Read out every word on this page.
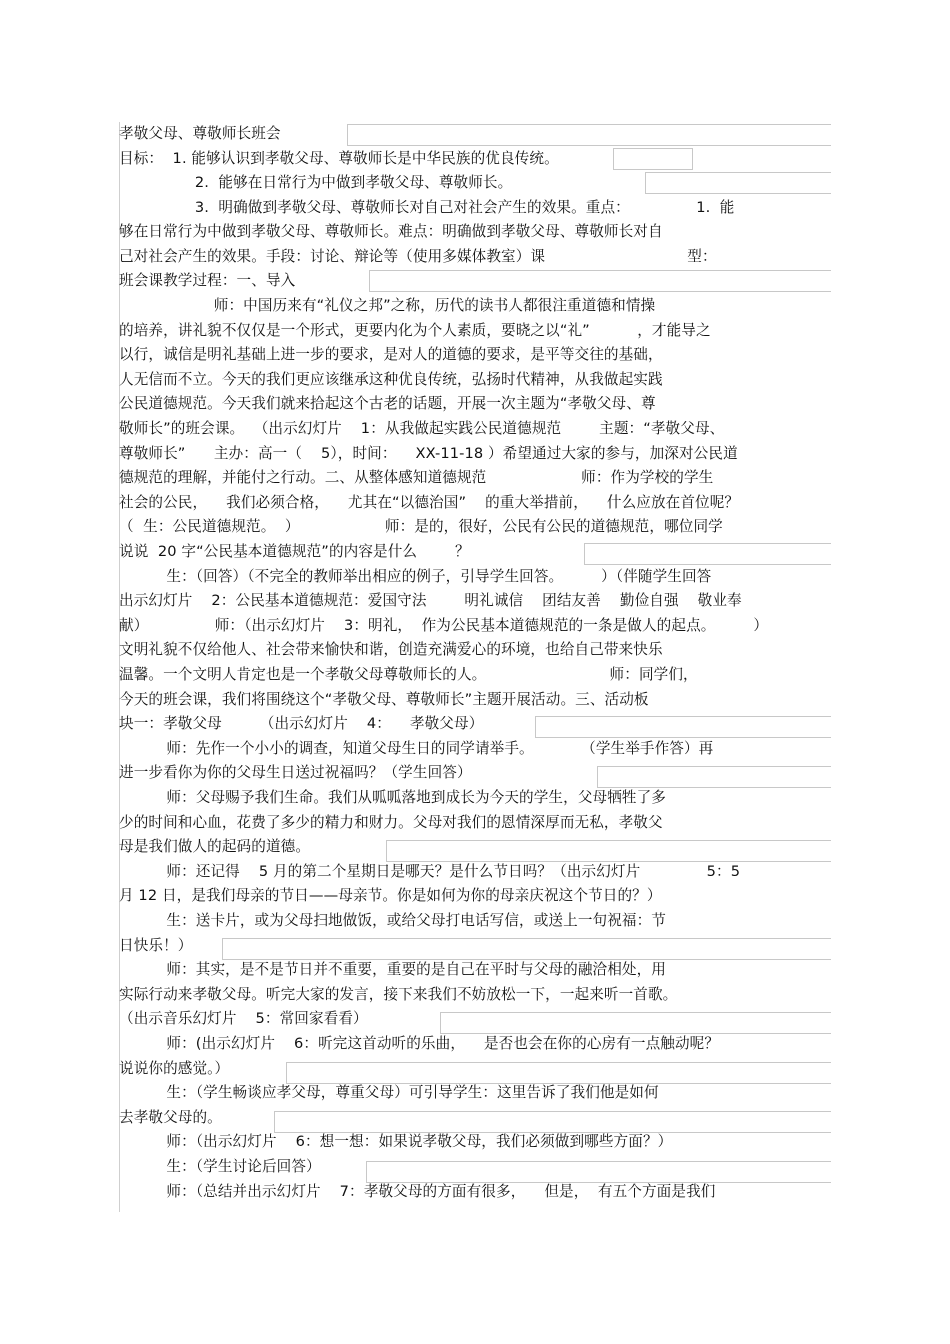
孝敬父母、尊敬师长班会
目标：  1. 能够认识到孝敬父母、尊敬师长是中华民族的优良传统。
2.  能够在日常行为中做到孝敬父母、尊敬师长。
3.  明确做到孝敬父母、尊敬师长对自己对社会产生的效果。重点：              1.  能
够在日常行为中做到孝敬父母、尊敬师长。难点：明确做到孝敬父母、尊敬师长对自
己对社会产生的效果。手段：讨论、辩论等（使用多媒体教室）课                              型：
班会课教学过程：一、导入
师：中国历来有“礼仪之邦”之称，历代的读书人都很注重道德和情操
的培养，讲礼貌不仅仅是一个形式，更要内化为个人素质，要晓之以“礼”          ，才能导之
以行，诚信是明礼基础上进一步的要求，是对人的道德的要求，是平等交往的基础，
人无信而不立。今天的我们更应该继承这种优良传统，弘扬时代精神，从我做起实践
公民道德规范。今天我们就来拾起这个古老的话题，开展一次主题为“孝敬父母、尊
敬师长”的班会课。  （出示幻灯片    1：从我做起实践公民道德规范        主题：“孝敬父母、
尊敬师长”      主办：高一（    5），时间：    XX-11-18 ）希望通过大家的参与，加深对公民道
德规范的理解，并能付之行动。二、从整体感知道德规范                    师：作为学校的学生
社会的公民，    我们必须合格，    尤其在“以德治国”    的重大举措前，    什么应放在首位呢？
（  生：公民道德规范。  ）                  师：是的，很好，公民有公民的道德规范，哪位同学
说说  20 字“公民基本道德规范”的内容是什么        ？
生：（回答）（不完全的教师举出相应的例子，引导学生回答。        ）（伴随学生回答
出示幻灯片    2：公民基本道德规范：爱国守法        明礼诚信    团结友善    勤俭自强    敬业奉
献）              师：（出示幻灯片    3：明礼，  作为公民基本道德规范的一条是做人的起点。        ）
文明礼貌不仅给他人、社会带来愉快和谐，创造充满爱心的环境，也给自己带来快乐
温馨。一个文明人肯定也是一个孝敬父母尊敬师长的人。                          师：同学们，
今天的班会课，我们将围绕这个“孝敬父母、尊敬师长”主题开展活动。三、活动板
块一：孝敬父母        （出示幻灯片    4：    孝敬父母）
师：先作一个小小的调查，知道父母生日的同学请举手。          （学生举手作答）再
进一步看你为你的父母生日送过祝福吗？（学生回答）
师：父母赐予我们生命。我们从呱呱落地到成长为今天的学生，父母牺牲了多
少的时间和心血，花费了多少的精力和财力。父母对我们的恩情深厚而无私，孝敬父
母是我们做人的起码的道德。
师：还记得    5 月的第二个星期日是哪天？是什么节日吗？（出示幻灯片              5：5
月 12 日，是我们母亲的节日——母亲节。你是如何为你的母亲庆祝这个节日的？）
生：送卡片，或为父母扫地做饭，或给父母打电话写信，或送上一句祝福：节
日快乐！）
师：其实，是不是节日并不重要，重要的是自己在平时与父母的融洽相处，用
实际行动来孝敬父母。听完大家的发言，接下来我们不妨放松一下，一起来听一首歌。
（出示音乐幻灯片    5：常回家看看）
师：(出示幻灯片    6：听完这首动听的乐曲，    是否也会在你的心房有一点触动呢？
说说你的感觉。）
生：（学生畅谈应孝父母，尊重父母）可引导学生：这里告诉了我们他是如何
去孝敬父母的。
师：（出示幻灯片    6：想一想：如果说孝敬父母，我们必须做到哪些方面？）
生：（学生讨论后回答）
师：（总结并出示幻灯片    7：孝敬父母的方面有很多，    但是，  有五个方面是我们
